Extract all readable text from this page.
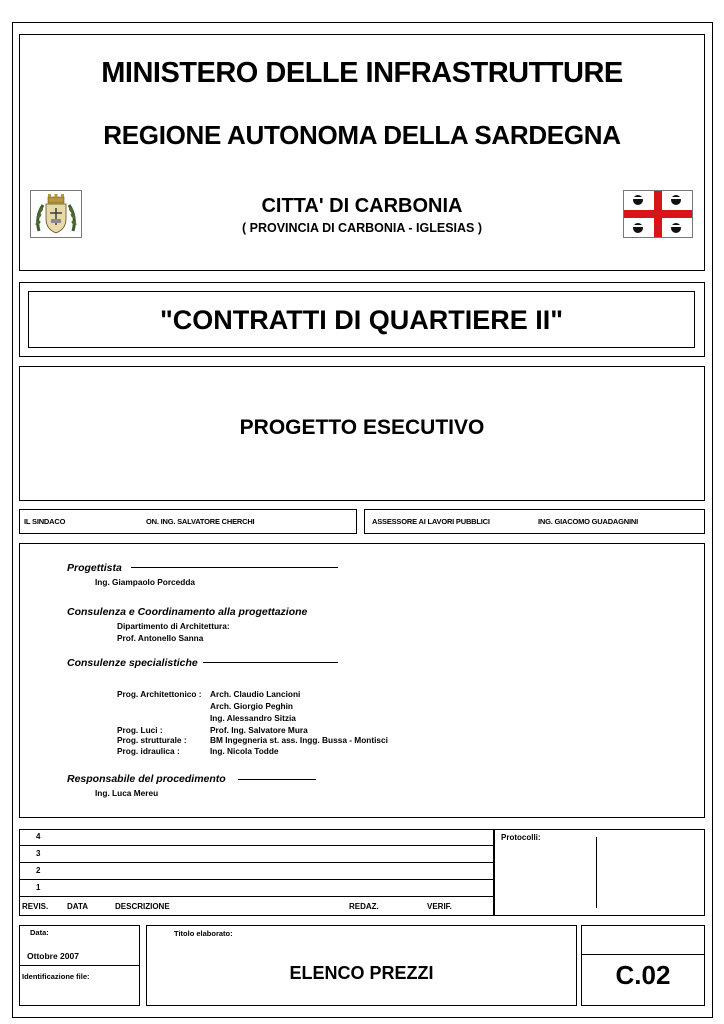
MINISTERO DELLE INFRASTRUTTURE
REGIONE AUTONOMA DELLA SARDEGNA
CITTA' DI CARBONIA
( PROVINCIA DI CARBONIA - IGLESIAS )
"CONTRATTI DI QUARTIERE II"
PROGETTO ESECUTIVO
IL SINDACO	ON. ING. SALVATORE CHERCHI	ASSESSORE AI LAVORI PUBBLICI	ING. GIACOMO GUADAGNINI
Progettista
Ing. Giampaolo Porcedda
Consulenza e Coordinamento alla progettazione
Dipartimento di Architettura:
Prof. Antonello Sanna
Consulenze specialistiche
Prog. Architettonico : Arch. Claudio Lancioni
Arch. Giorgio Peghin
Ing. Alessandro Sitzia
Prog. Luci :	Prof. Ing. Salvatore Mura
Prog. strutturale :	BM Ingegneria st. ass. Ingg. Bussa - Montisci
Prog. idraulica :	Ing. Nicola Todde
Responsabile del procedimento
Ing. Luca Mereu
4
3
2
1
REVIS. DATA	DESCRIZIONE	REDAZ.	VERIF.
Protocolli:
Data:
Ottobre 2007
Identificazione file:
Titolo elaborato:
ELENCO PREZZI	C.02
